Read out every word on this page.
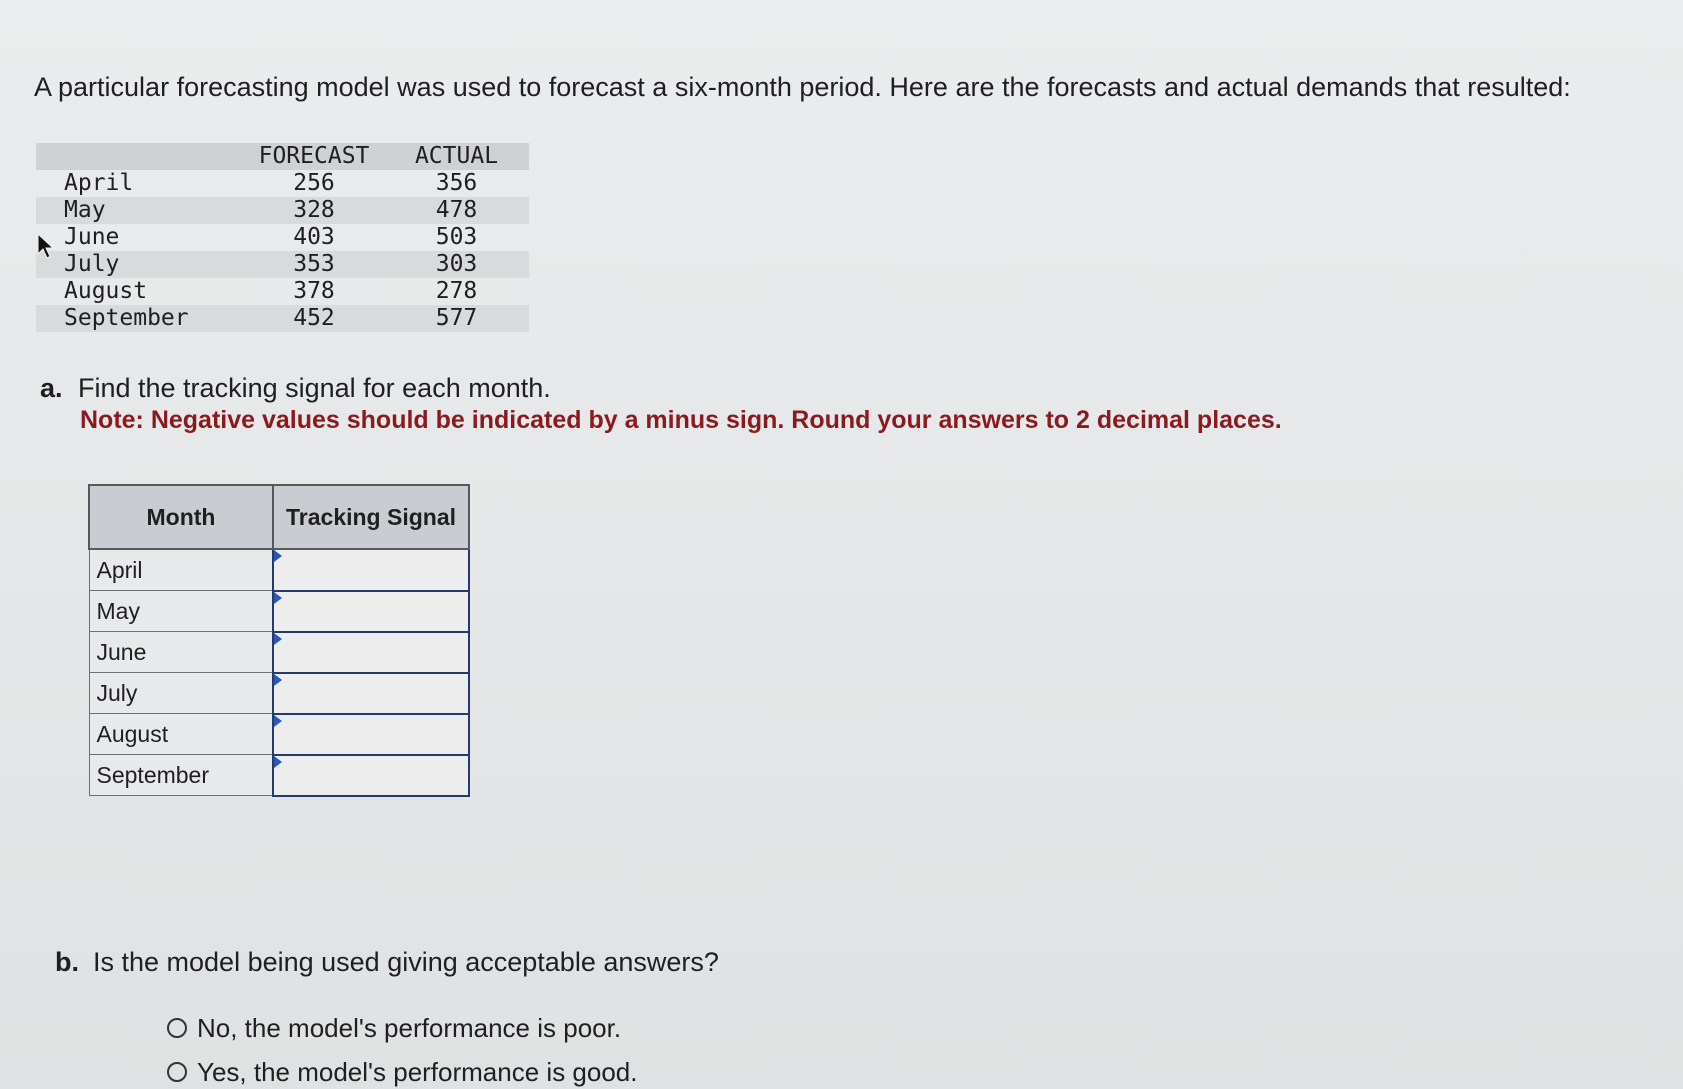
A particular forecasting model was used to forecast a six-month period. Here are the forecasts and actual demands that resulted:
	FORECAST	ACTUAL
April	256	356
May	328	478
June	403	503
July	353	303
August	378	278
September	452	577
a. Find the tracking signal for each month.
Note: Negative values should be indicated by a minus sign. Round your answers to 2 decimal places.
Month	Tracking Signal
April	

May	

June	

July	

August	

September	
b. Is the model being used giving acceptable answers?
No, the model's performance is poor.
Yes, the model's performance is good.
